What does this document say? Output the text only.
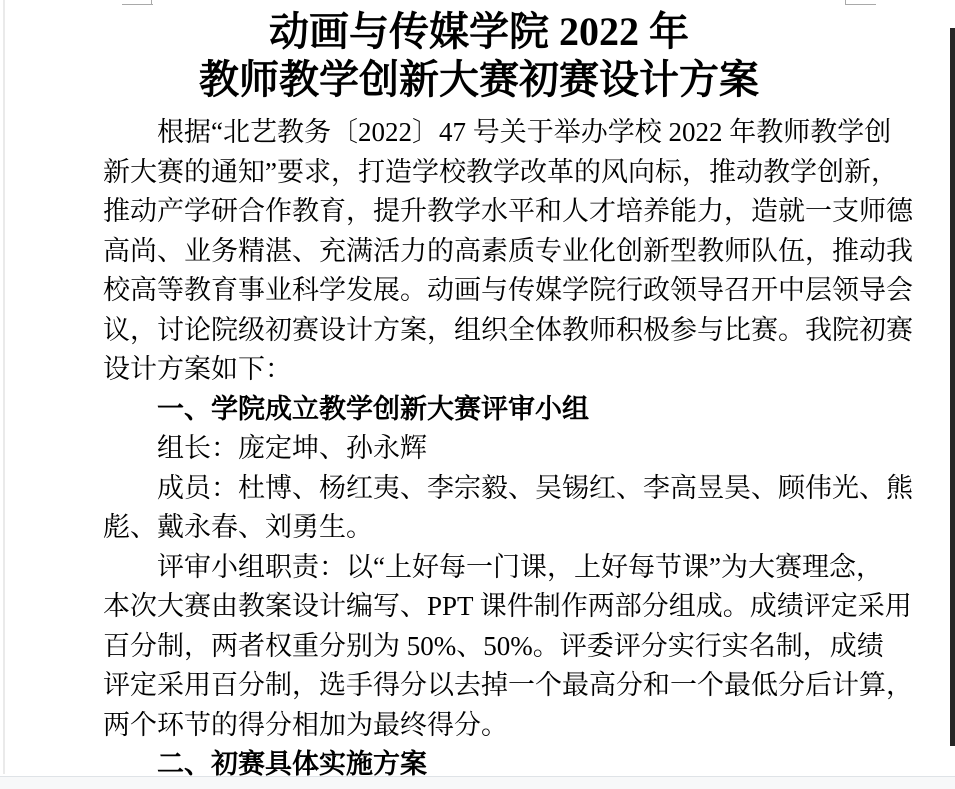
动画与传媒学院 2022 年
教师教学创新大赛初赛设计方案
根据“北艺教务〔2022〕47 号关于举办学校 2022 年教师教学创
新大赛的通知”要求，打造学校教学改革的风向标，推动教学创新，
推动产学研合作教育，提升教学水平和人才培养能力，造就一支师德
高尚、业务精湛、充满活力的高素质专业化创新型教师队伍，推动我
校高等教育事业科学发展。动画与传媒学院行政领导召开中层领导会
议，讨论院级初赛设计方案，组织全体教师积极参与比赛。我院初赛
设计方案如下：
一、学院成立教学创新大赛评审小组
组长：庞定坤、孙永辉
成员：杜博、杨红夷、李宗毅、吴锡红、李高昱昊、顾伟光、熊
彪、戴永春、刘勇生。
评审小组职责：以“上好每一门课，上好每节课”为大赛理念，
本次大赛由教案设计编写、PPT 课件制作两部分组成。成绩评定采用
百分制，两者权重分别为 50%、50%。评委评分实行实名制，成绩
评定采用百分制，选手得分以去掉一个最高分和一个最低分后计算，
两个环节的得分相加为最终得分。
二、初赛具体实施方案
